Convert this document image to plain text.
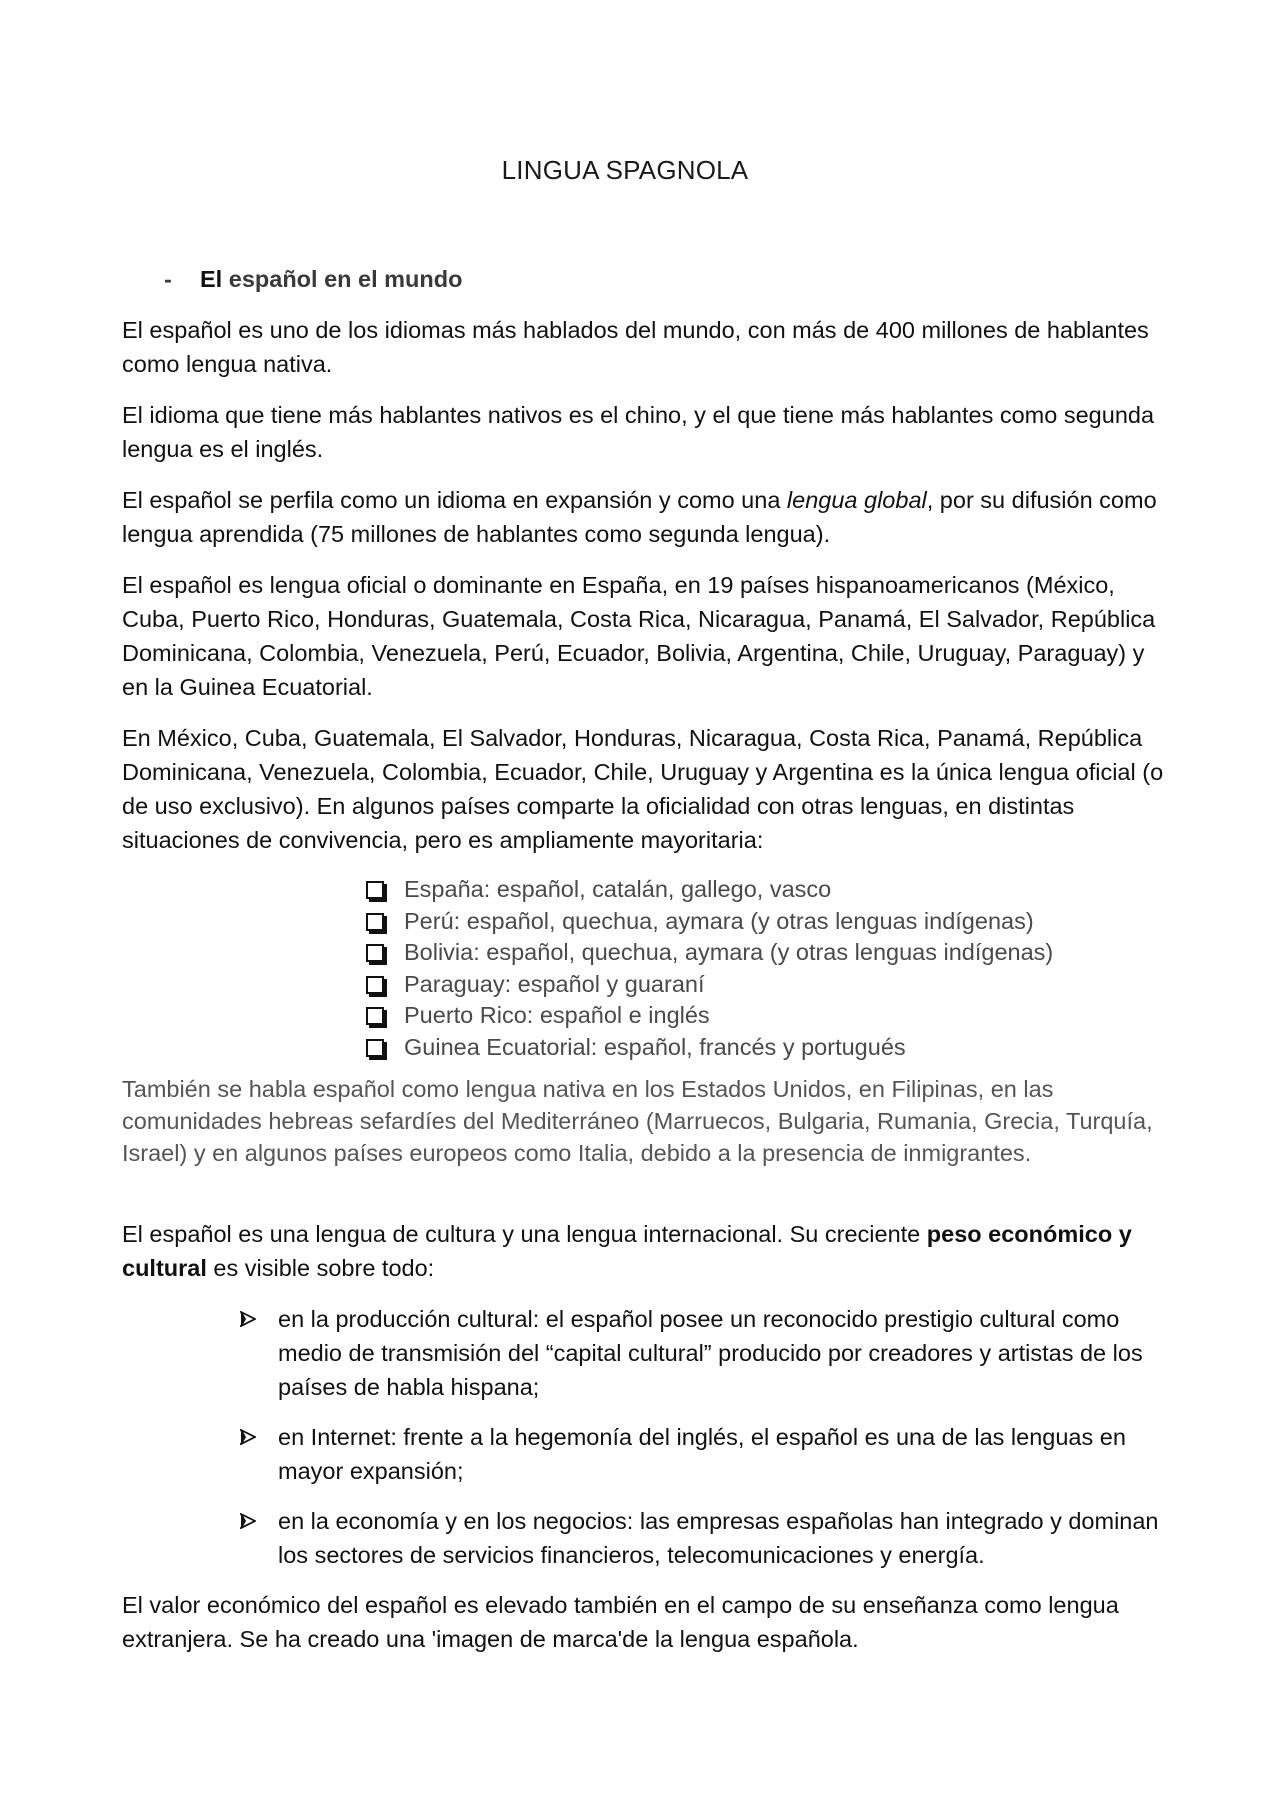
LINGUA SPAGNOLA
- El español en el mundo

El español es uno de los idiomas más hablados del mundo, con más de 400 millones de hablantes como lengua nativa.

El idioma que tiene más hablantes nativos es el chino, y el que tiene más hablantes como segunda lengua es el inglés.

El español se perfila como un idioma en expansión y como una lengua global, por su difusión como lengua aprendida (75 millones de hablantes como segunda lengua).

El español es lengua oficial o dominante en España, en 19 países hispanoamericanos (México, Cuba, Puerto Rico, Honduras, Guatemala, Costa Rica, Nicaragua, Panamá, El Salvador, República Dominicana, Colombia, Venezuela, Perú, Ecuador, Bolivia, Argentina, Chile, Uruguay, Paraguay) y en la Guinea Ecuatorial.

En México, Cuba, Guatemala, El Salvador, Honduras, Nicaragua, Costa Rica, Panamá, República Dominicana, Venezuela, Colombia, Ecuador, Chile, Uruguay y Argentina es la única lengua oficial (o de uso exclusivo). En algunos países comparte la oficialidad con otras lenguas, en distintas situaciones de convivencia, pero es ampliamente mayoritaria:

España: español, catalán, gallego, vasco
Perú: español, quechua, aymara (y otras lenguas indígenas)
Bolivia: español, quechua, aymara (y otras lenguas indígenas)
Paraguay: español y guaraní
Puerto Rico: español e inglés
Guinea Ecuatorial: español, francés y portugués

También se habla español como lengua nativa en los Estados Unidos, en Filipinas, en las comunidades hebreas sefardíes del Mediterráneo (Marruecos, Bulgaria, Rumania, Grecia, Turquía, Israel) y en algunos países europeos como Italia, debido a la presencia de inmigrantes.

El español es una lengua de cultura y una lengua internacional. Su creciente peso económico y cultural es visible sobre todo:

en la producción cultural: el español posee un reconocido prestigio cultural como medio de transmisión del “capital cultural” producido por creadores y artistas de los países de habla hispana;
en Internet: frente a la hegemonía del inglés, el español es una de las lenguas en mayor expansión;
en la economía y en los negocios: las empresas españolas han integrado y dominan los sectores de servicios financieros, telecomunicaciones y energía.

El valor económico del español es elevado también en el campo de su enseñanza como lengua extranjera. Se ha creado una 'imagen de marca'de la lengua española.
